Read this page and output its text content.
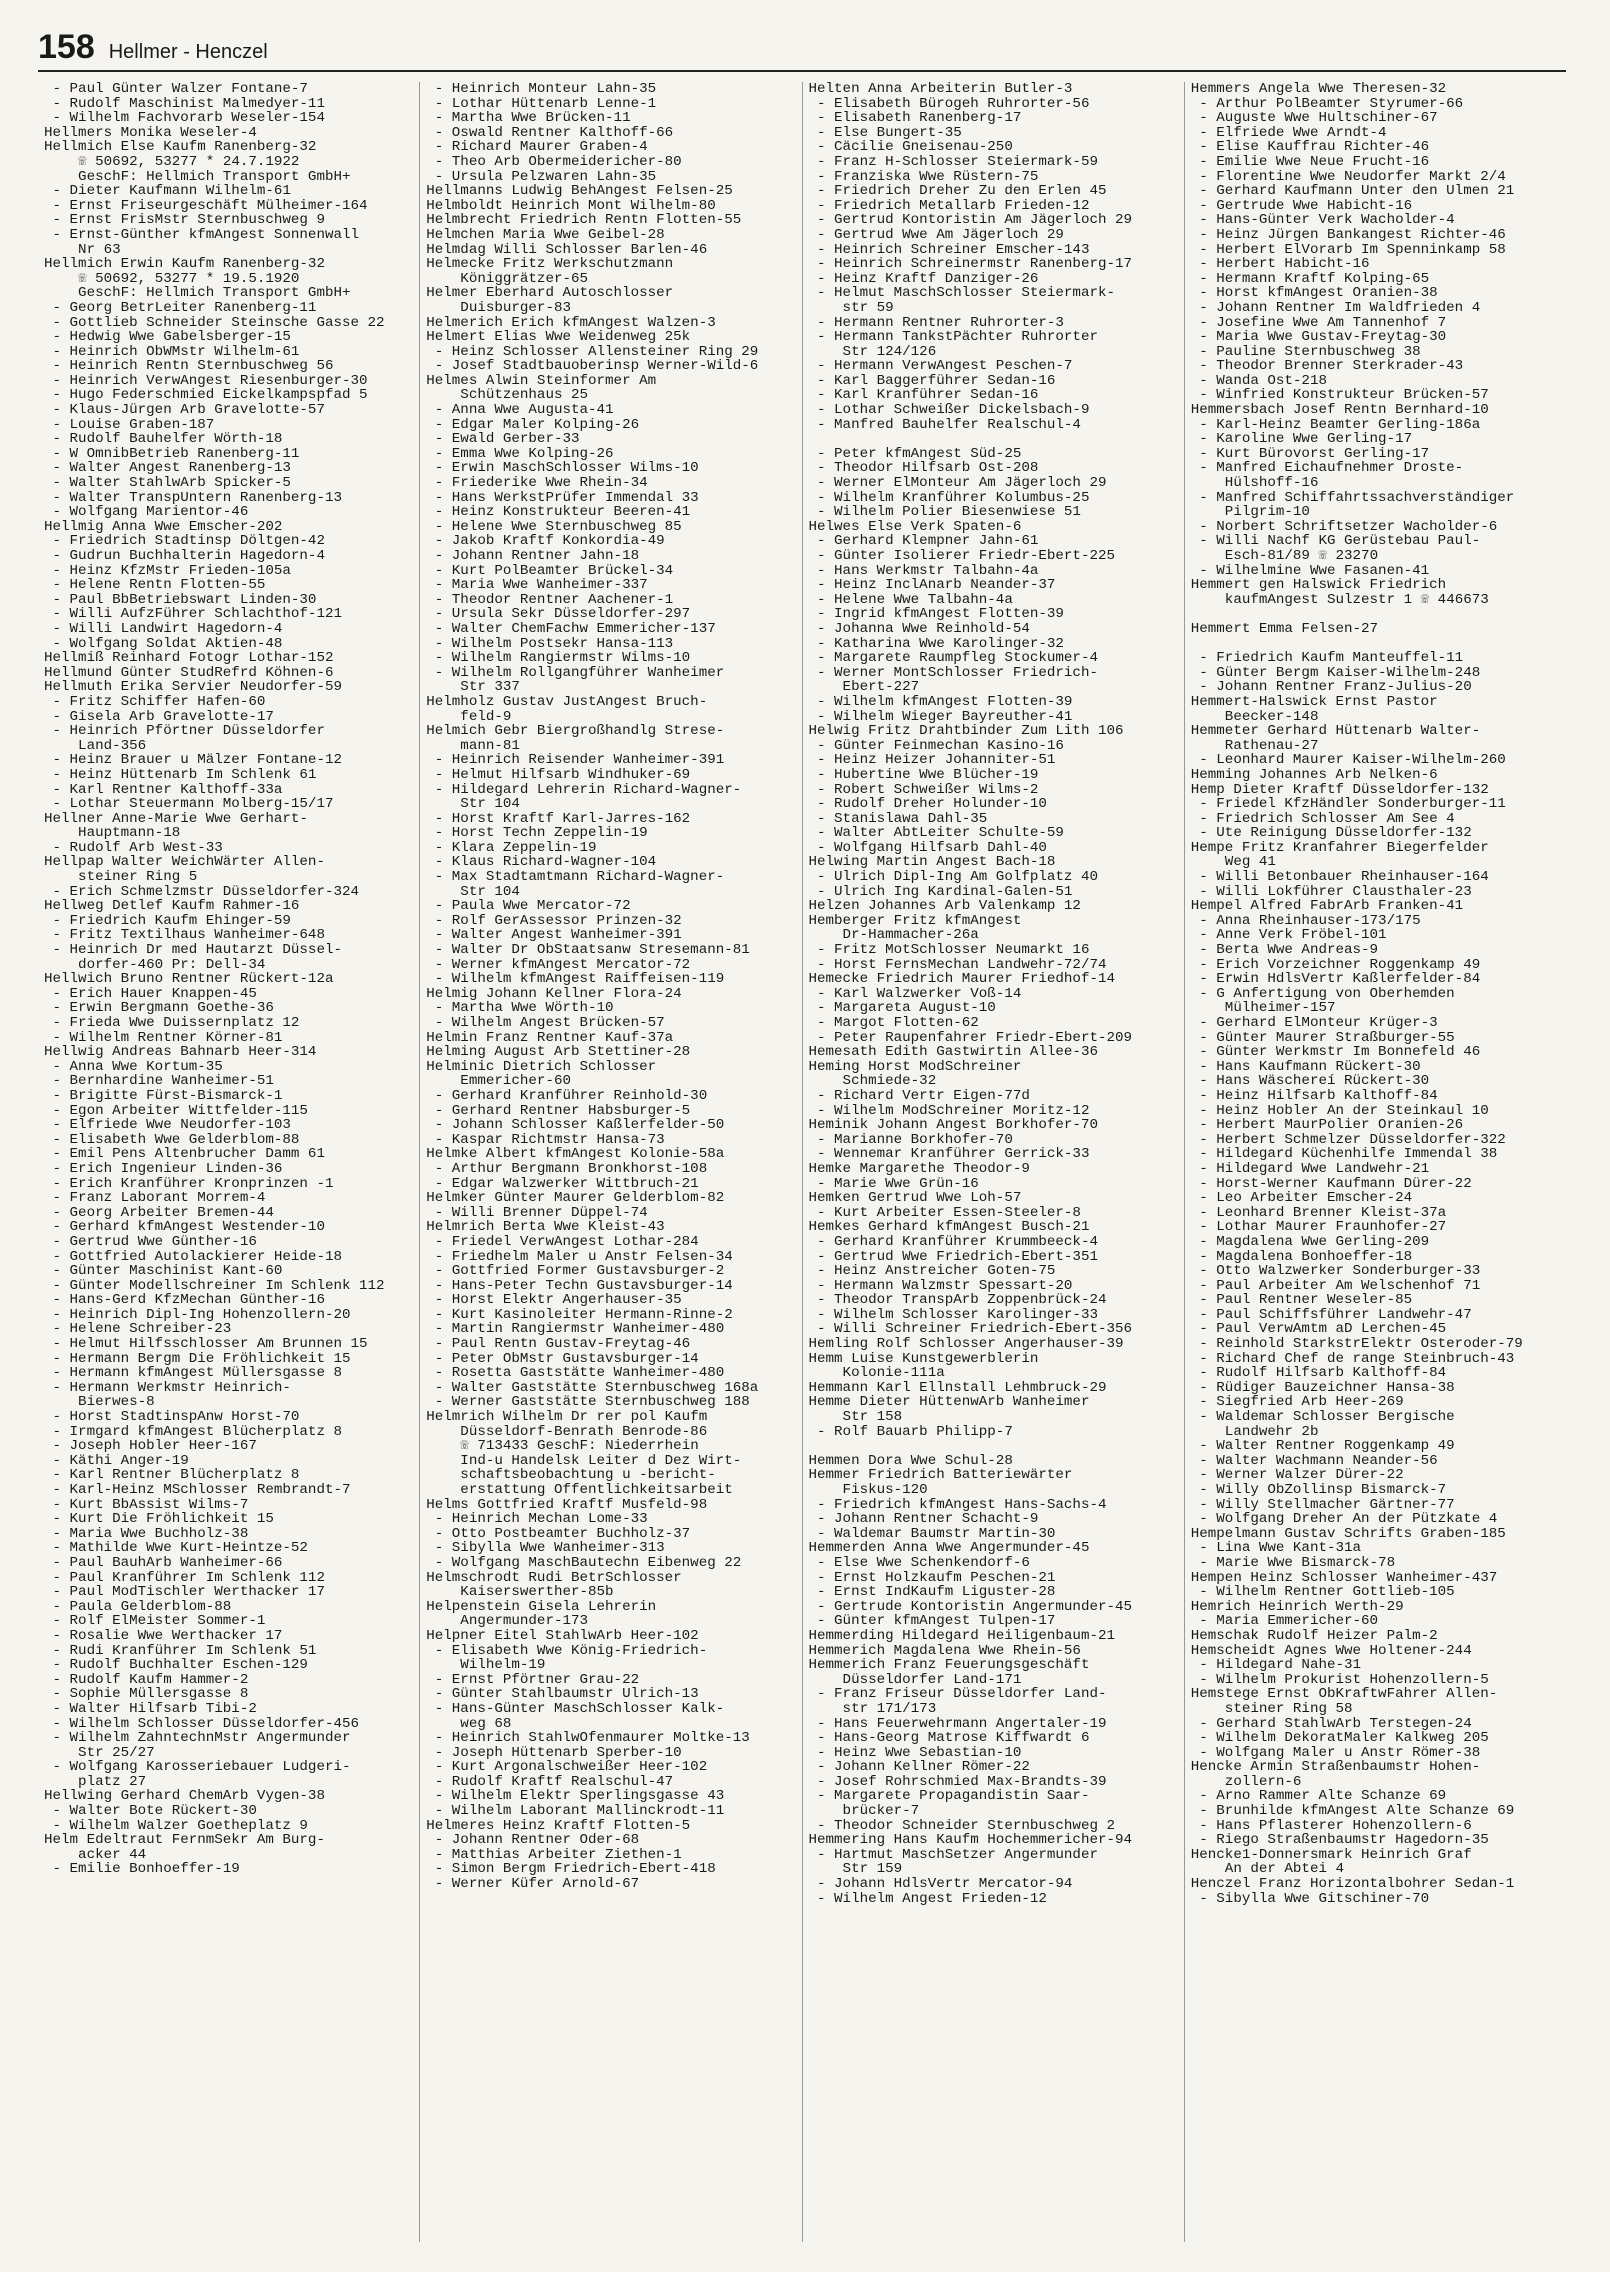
158 Hellmer - Henczel
- Paul Günter Walzer Fontane-7
- Rudolf Maschinist Malmedyer-11
- Wilhelm Fachvorarb Weseler-154
Hellmers Monika Weseler-4
Hellmich Else Kaufm Ranenberg-32
☏ 50692, 53277 * 24.7.1922
GeschF: Hellmich Transport GmbH+
- Dieter Kaufmann Wilhelm-61
- Ernst Friseurgeschäft Mülheimer-164
- Ernst FrisMstr Sternbuschweg 9
- Ernst-Günther kfmAngest Sonnenwall
Nr 63
Hellmich Erwin Kaufm Ranenberg-32
☏ 50692, 53277 * 19.5.1920
GeschF: Hellmich Transport GmbH+
- Georg BetrLeiter Ranenberg-11
- Gottlieb Schneider Steinsche Gasse 22
- Hedwig Wwe Gabelsberger-15
- Heinrich ObWMstr Wilhelm-61
- Heinrich Rentn Sternbuschweg 56
- Heinrich VerwAngest Riesenburger-30
- Hugo Federschmied Eickelkampspfad 5
- Klaus-Jürgen Arb Gravelotte-57
- Louise Graben-187
- Rudolf Bauhelfer Wörth-18
- W OmnibBetrieb Ranenberg-11
- Walter Angest Ranenberg-13
- Walter StahlwArb Spicker-5
- Walter TranspUntern Ranenberg-13
- Wolfgang Marientor-46
Hellmig Anna Wwe Emscher-202
- Friedrich Stadtinsp Döltgen-42
- Gudrun Buchhalterin Hagedorn-4
- Heinz KfzMstr Frieden-105a
- Helene Rentn Flotten-55
- Paul BbBetriebswart Linden-30
- Willi AufzFührer Schlachthof-121
- Willi Landwirt Hagedorn-4
- Wolfgang Soldat Aktien-48
Hellmiß Reinhard Fotogr Lothar-152
Hellmund Günter StudRefrd Köhnen-6
Hellmuth Erika Servier Neudorfer-59
- Fritz Schiffer Hafen-60
- Gisela Arb Gravelotte-17
- Heinrich Pförtner Düsseldorfer
Land-356
- Heinz Brauer u Mälzer Fontane-12
- Heinz Hüttenarb Im Schlenk 61
- Karl Rentner Kalthoff-33a
- Lothar Steuermann Molberg-15/17
Hellner Anne-Marie Wwe Gerhart-
Hauptmann-18
- Rudolf Arb West-33
Hellpap Walter WeichWärter Allen-
steiner Ring 5
- Erich Schmelzmstr Düsseldorfer-324
Hellweg Detlef Kaufm Rahmer-16
- Friedrich Kaufm Ehinger-59
- Fritz Textilhaus Wanheimer-648
- Heinrich Dr med Hautarzt Düssel-
dorfer-460 Pr: Dell-34
Hellwich Bruno Rentner Rückert-12a
- Erich Hauer Knappen-45
- Erwin Bergmann Goethe-36
- Frieda Wwe Duissernplatz 12
- Wilhelm Rentner Körner-81
Hellwig Andreas Bahnarb Heer-314
- Anna Wwe Kortum-35
- Bernhardine Wanheimer-51
- Brigitte Fürst-Bismarck-1
- Egon Arbeiter Wittfelder-115
- Elfriede Wwe Neudorfer-103
- Elisabeth Wwe Gelderblom-88
- Emil Pens Altenbrucher Damm 61
- Erich Ingenieur Linden-36
- Erich Kranführer Kronprinzen -1
- Franz Laborant Morrem-4
- Georg Arbeiter Bremen-44
- Gerhard kfmAngest Westender-10
- Gertrud Wwe Günther-16
- Gottfried Autolackierer Heide-18
- Günter Maschinist Kant-60
- Günter Modellschreiner Im Schlenk 112
- Hans-Gerd KfzMechan Günther-16
- Heinrich Dipl-Ing Hohenzollern-20
- Helene Schreiber-23
- Helmut Hilfsschlosser Am Brunnen 15
- Hermann Bergm Die Fröhlichkeit 15
- Hermann kfmAngest Müllersgasse 8
- Hermann Werkmstr Heinrich-
Bierwes-8
- Horst StadtinspAnw Horst-70
- Irmgard kfmAngest Blücherplatz 8
- Joseph Hobler Heer-167
- Käthi Anger-19
- Karl Rentner Blücherplatz 8
- Karl-Heinz MSchlosser Rembrandt-7
- Kurt BbAssist Wilms-7
- Kurt Die Fröhlichkeit 15
- Maria Wwe Buchholz-38
- Mathilde Wwe Kurt-Heintze-52
- Paul BauhArb Wanheimer-66
- Paul Kranführer Im Schlenk 112
- Paul ModTischler Werthacker 17
- Paula Gelderblom-88
- Rolf ElMeister Sommer-1
- Rosalie Wwe Werthacker 17
- Rudi Kranführer Im Schlenk 51
- Rudolf Buchhalter Eschen-129
- Rudolf Kaufm Hammer-2
- Sophie Müllersgasse 8
- Walter Hilfsarb Tibi-2
- Wilhelm Schlosser Düsseldorfer-456
- Wilhelm ZahntechnMstr Angermunder
Str 25/27
- Wolfgang Karosseriebauer Ludgeri-
platz 27
Hellwing Gerhard ChemArb Vygen-38
- Walter Bote Rückert-30
- Wilhelm Walzer Goetheplatz 9
Helm Edeltraut FernmSekr Am Burg-
acker 44
- Emilie Bonhoeffer-19
- Heinrich Monteur Lahn-35
- Lothar Hüttenarb Lenne-1
- Martha Wwe Brücken-11
- Oswald Rentner Kalthoff-66
- Richard Maurer Graben-4
- Theo Arb Obermeidericher-80
- Ursula Pelzwaren Lahn-35
Hellmanns Ludwig BehAngest Felsen-25
Helmboldt Heinrich Mont Wilhelm-80
Helmbrecht Friedrich Rentn Flotten-55
Helmchen Maria Wwe Geibel-28
Helmdag Willi Schlosser Barlen-46
Helmecke Fritz Werkschutzmann
Königgrätzer-65
Helmer Eberhard Autoschlosser
Duisburger-83
Helmerich Erich kfmAngest Walzen-3
Helmert Elias Wwe Weidenweg 25k
- Heinz Schlosser Allensteiner Ring 29
- Josef Stadtbauoberinsp Werner-Wild-6
Helmes Alwin Steinformer Am
Schützenhaus 25
- Anna Wwe Augusta-41
- Edgar Maler Kolping-26
- Ewald Gerber-33
- Emma Wwe Kolping-26
- Erwin MaschSchlosser Wilms-10
- Friederike Wwe Rhein-34
- Hans WerkstPrüfer Immendal 33
- Heinz Konstrukteur Beeren-41
- Helene Wwe Sternbuschweg 85
- Jakob Kraftf Konkordia-49
- Johann Rentner Jahn-18
- Kurt PolBeamter Brückel-34
- Maria Wwe Wanheimer-337
- Theodor Rentner Aachener-1
- Ursula Sekr Düsseldorfer-297
- Walter ChemFachw Emmericher-137
- Wilhelm Postsekr Hansa-113
- Wilhelm Rangiermstr Wilms-10
- Wilhelm Rollgangführer Wanheimer
Str 337
Helmholz Gustav JustAngest Bruch-
feld-9
Helmich Gebr Biergroßhandlg Strese-
mann-81
- Heinrich Reisender Wanheimer-391
- Helmut Hilfsarb Windhuker-69
- Hildegard Lehrerin Richard-Wagner-
Str 104
- Horst Kraftf Karl-Jarres-162
- Horst Techn Zeppelin-19
- Klara Zeppelin-19
- Klaus Richard-Wagner-104
- Max Stadtamtmann Richard-Wagner-
Str 104
- Paula Wwe Mercator-72
- Rolf GerAssessor Prinzen-32
- Walter Angest Wanheimer-391
- Walter Dr ObStaatsanw Stresemann-81
- Werner kfmAngest Mercator-72
- Wilhelm kfmAngest Raiffeisen-119
Helmig Johann Kellner Flora-24
- Martha Wwe Wörth-10
- Wilhelm Angest Brücken-57
Helmin Franz Rentner Kauf-37a
Helming August Arb Stettiner-28
Helminic Dietrich Schlosser
Emmericher-60
- Gerhard Kranführer Reinhold-30
- Gerhard Rentner Habsburger-5
- Johann Schlosser Kaßlerfelder-50
- Kaspar Richtmstr Hansa-73
Helmke Albert kfmAngest Kolonie-58a
- Arthur Bergmann Bronkhorst-108
- Edgar Walzwerker Wittbruch-21
Helmker Günter Maurer Gelderblom-82
- Willi Brenner Düppel-74
Helmrich Berta Wwe Kleist-43
- Friedel VerwAngest Lothar-284
- Friedhelm Maler u Anstr Felsen-34
- Gottfried Former Gustavsburger-2
- Hans-Peter Techn Gustavsburger-14
- Horst Elektr Angerhauser-35
- Kurt Kasinoleiter Hermann-Rinne-2
- Martin Rangiermstr Wanheimer-480
- Paul Rentn Gustav-Freytag-46
- Peter ObMstr Gustavsburger-14
- Rosetta Gaststätte Wanheimer-480
- Walter Gaststätte Sternbuschweg 168a
- Werner Gaststätte Sternbuschweg 188
Helmrich Wilhelm Dr rer pol Kaufm
Düsseldorf-Benrath Benrode-86
☏ 713433 GeschF: Niederrhein
Ind-u Handelsk Leiter d Dez Wirt-
schaftsbeobachtung u -bericht-
erstattung Öffentlichkeitsarbeit
Helms Gottfried Kraftf Musfeld-98
- Heinrich Mechan Lome-33
- Otto Postbeamter Buchholz-37
- Sibylla Wwe Wanheimer-313
- Wolfgang MaschBautechn Eibenweg 22
Helmschrodt Rudi BetrSchlosser
Kaiserswerther-85b
Helpenstein Gisela Lehrerin
Angermunder-173
Helpner Eitel StahlwArb Heer-102
- Elisabeth Wwe König-Friedrich-
Wilhelm-19
- Ernst Pförtner Grau-22
- Günter Stahlbaumstr Ulrich-13
- Hans-Günter MaschSchlosser Kalk-
weg 68
- Heinrich StahlwOfenmaurer Moltke-13
- Joseph Hüttenarb Sperber-10
- Kurt Argonalschweißer Heer-102
- Rudolf Kraftf Realschul-47
- Wilhelm Elektr Sperlingsgasse 43
- Wilhelm Laborant Mallinckrodt-11
Helmeres Heinz Kraftf Flotten-5
- Johann Rentner Oder-68
- Matthias Arbeiter Ziethen-1
- Simon Bergm Friedrich-Ebert-418
- Werner Küfer Arnold-67
Helten Anna Arbeiterin Butler-3
- Elisabeth Bürogeh Ruhrorter-56
- Elisabeth Ranenberg-17
- Else Bungert-35
- Cäcilie Gneisenau-250
- Franz H-Schlosser Steiermark-59
- Franziska Wwe Rüstern-75
- Friedrich Dreher Zu den Erlen 45
- Friedrich Metallarb Frieden-12
- Gertrud Kontoristin Am Jägerloch 29
- Gertrud Wwe Am Jägerloch 29
- Heinrich Schreiner Emscher-143
- Heinrich Schreinermstr Ranenberg-17
- Heinz Kraftf Danziger-26
- Helmut MaschSchlosser Steiermark-
str 59
- Hermann Rentner Ruhrorter-3
- Hermann TankstPächter Ruhrorter
Str 124/126
- Hermann VerwAngest Peschen-7
- Karl Baggerführer Sedan-16
- Karl Kranführer Sedan-16
- Lothar Schweißer Dickelsbach-9
- Manfred Bauhelfer Realschul-4
- Peter kfmAngest Süd-25
- Theodor Hilfsarb Ost-208
- Werner ElMonteur Am Jägerloch 29
- Wilhelm Kranführer Kolumbus-25
- Wilhelm Polier Biesenwiese 51
Helwes Else Verk Spaten-6
- Gerhard Klempner Jahn-61
- Günter Isolierer Friedr-Ebert-225
- Hans Werkmstr Talbahn-4a
- Heinz InclAnarb Neander-37
- Helene Wwe Talbahn-4a
- Ingrid kfmAngest Flotten-39
- Johanna Wwe Reinhold-54
- Katharina Wwe Karolinger-32
- Margarete Raumpfleg Stockumer-4
- Werner MontSchlosser Friedrich-
Ebert-227
- Wilhelm kfmAngest Flotten-39
- Wilhelm Wieger Bayreuther-41
Helwig Fritz Drahtbinder Zum Lith 106
- Günter Feinmechan Kasino-16
- Heinz Heizer Johanniter-51
- Hubertine Wwe Blücher-19
- Robert Schweißer Wilms-2
- Rudolf Dreher Holunder-10
- Stanislawa Dahl-35
- Walter AbtLeiter Schulte-59
- Wolfgang Hilfsarb Dahl-40
Helwing Martin Angest Bach-18
- Ulrich Dipl-Ing Am Golfplatz 40
- Ulrich Ing Kardinal-Galen-51
Helzen Johannes Arb Valenkamp 12
Hemberger Fritz kfmAngest
Dr-Hammacher-26a
- Fritz MotSchlosser Neumarkt 16
- Horst FernsMechan Landwehr-72/74
Hemecke Friedrich Maurer Friedhof-14
- Karl Walzwerker Voß-14
- Margareta August-10
- Margot Flotten-62
- Peter Raupenfahrer Friedr-Ebert-209
Hemesath Edith Gastwirtin Allee-36
Heming Horst ModSchreiner
Schmiede-32
- Richard Vertr Eigen-77d
- Wilhelm ModSchreiner Moritz-12
Heminik Johann Angest Borkhofer-70
- Marianne Borkhofer-70
- Wennemar Kranführer Gerrick-33
Hemke Margarethe Theodor-9
- Marie Wwe Grün-16
Hemken Gertrud Wwe Loh-57
- Kurt Arbeiter Essen-Steeler-8
Hemkes Gerhard kfmAngest Busch-21
- Gerhard Kranführer Krummbeeck-4
- Gertrud Wwe Friedrich-Ebert-351
- Heinz Anstreicher Goten-75
- Hermann Walzmstr Spessart-20
- Theodor TranspArb Zoppenbrück-24
- Wilhelm Schlosser Karolinger-33
- Willi Schreiner Friedrich-Ebert-356
Hemling Rolf Schlosser Angerhauser-39
Hemm Luise Kunstgewerblerin
Kolonie-111a
Hemmann Karl Ellnstall Lehmbruck-29
Hemme Dieter HüttenwArb Wanheimer
Str 158
- Rolf Bauarb Philipp-7
Hemmen Dora Wwe Schul-28
Hemmer Friedrich Batteriewärter
Fiskus-120
- Friedrich kfmAngest Hans-Sachs-4
- Johann Rentner Schacht-9
- Waldemar Baumstr Martin-30
Hemmerden Anna Wwe Angermunder-45
- Else Wwe Schenkendorf-6
- Ernst Holzkaufm Peschen-21
- Ernst IndKaufm Liguster-28
- Gertrude Kontoristin Angermunder-45
- Günter kfmAngest Tulpen-17
Hemmerding Hildegard Heiligenbaum-21
Hemmerich Magdalena Wwe Rhein-56
Hemmerich Franz Feuerungsgeschäft
Düsseldorfer Land-171
- Franz Friseur Düsseldorfer Land-
str 171/173
- Hans Feuerwehrmann Angertaler-19
- Hans-Georg Matrose Kiffwardt 6
- Heinz Wwe Sebastian-10
- Johann Kellner Römer-22
- Josef Rohrschmied Max-Brandts-39
- Margarete Propagandistin Saar-
brücker-7
- Theodor Schneider Sternbuschweg 2
Hemmering Hans Kaufm Hochemmericher-94
- Hartmut MaschSetzer Angermunder
Str 159
- Johann HdlsVertr Mercator-94
- Wilhelm Angest Frieden-12
Hemmers Angela Wwe Theresen-32
- Arthur PolBeamter Styrumer-66
- Auguste Wwe Hultschiner-67
- Elfriede Wwe Arndt-4
- Elise Kauffrau Richter-46
- Emilie Wwe Neue Frucht-16
- Florentine Wwe Neudorfer Markt 2/4
- Gerhard Kaufmann Unter den Ulmen 21
- Gertrude Wwe Habicht-16
- Hans-Günter Verk Wacholder-4
- Heinz Jürgen Bankangest Richter-46
- Herbert ElVorarb Im Spenninkamp 58
- Herbert Habicht-16
- Hermann Kraftf Kolping-65
- Horst kfmAngest Oranien-38
- Johann Rentner Im Waldfrieden 4
- Josefine Wwe Am Tannenhof 7
- Maria Wwe Gustav-Freytag-30
- Pauline Sternbuschweg 38
- Theodor Brenner Sterkrader-43
- Wanda Ost-218
- Winfried Konstrukteur Brücken-57
Hemmersbach Josef Rentn Bernhard-10
- Karl-Heinz Beamter Gerling-186a
- Karoline Wwe Gerling-17
- Kurt Bürovorst Gerling-17
- Manfred Eichaufnehmer Droste-
Hülshoff-16
- Manfred Schiffahrtssachverständiger
Pilgrim-10
- Norbert Schriftsetzer Wacholder-6
- Willi Nachf KG Gerüstebau Paul-
Esch-81/89 ☏ 23270
- Wilhelmine Wwe Fasanen-41
Hemmert gen Halswick Friedrich
kaufmAngest Sulzestr 1 ☏ 446673
Hemmert Emma Felsen-27
- Friedrich Kaufm Manteuffel-11
- Günter Bergm Kaiser-Wilhelm-248
- Johann Rentner Franz-Julius-20
Hemmert-Halswick Ernst Pastor
Beecker-148
Hemmeter Gerhard Hüttenarb Walter-
Rathenau-27
- Leonhard Maurer Kaiser-Wilhelm-260
Hemming Johannes Arb Nelken-6
Hemp Dieter Kraftf Düsseldorfer-132
- Friedel KfzHändler Sonderburger-11
- Friedrich Schlosser Am See 4
- Ute Reinigung Düsseldorfer-132
Hempe Fritz Kranfahrer Biegerfelder
Weg 41
- Willi Betonbauer Rheinhauser-164
- Willi Lokführer Clausthaler-23
Hempel Alfred FabrArb Franken-41
- Anna Rheinhauser-173/175
- Anne Verk Fröbel-101
- Berta Wwe Andreas-9
- Erich Vorzeichner Roggenkamp 49
- Erwin HdlsVertr Kaßlerfelder-84
- G Anfertigung von Oberhemden
Mülheimer-157
- Gerhard ElMonteur Krüger-3
- Günter Maurer Straßburger-55
- Günter Werkmstr Im Bonnefeld 46
- Hans Kaufmann Rückert-30
- Hans Wäschereí Rückert-30
- Heinz Hilfsarb Kalthoff-84
- Heinz Hobler An der Steinkaul 10
- Herbert MaurPolier Oranien-26
- Herbert Schmelzer Düsseldorfer-322
- Hildegard Küchenhilfe Immendal 38
- Hildegard Wwe Landwehr-21
- Horst-Werner Kaufmann Dürer-22
- Leo Arbeiter Emscher-24
- Leonhard Brenner Kleist-37a
- Lothar Maurer Fraunhofer-27
- Magdalena Wwe Gerling-209
- Magdalena Bonhoeffer-18
- Otto Walzwerker Sonderburger-33
- Paul Arbeiter Am Welschenhof 71
- Paul Rentner Weseler-85
- Paul Schiffsführer Landwehr-47
- Paul VerwAmtm aD Lerchen-45
- Reinhold StarkstrElektr Osteroder-79
- Richard Chef de range Steinbruch-43
- Rudolf Hilfsarb Kalthoff-84
- Rüdiger Bauzeichner Hansa-38
- Siegfried Arb Heer-269
- Waldemar Schlosser Bergische
Landwehr 2b
- Walter Rentner Roggenkamp 49
- Walter Wachmann Neander-56
- Werner Walzer Dürer-22
- Willy ObZollinsp Bismarck-7
- Willy Stellmacher Gärtner-77
- Wolfgang Dreher An der Pützkate 4
Hempelmann Gustav Schrifts Graben-185
- Lina Wwe Kant-31a
- Marie Wwe Bismarck-78
Hempen Heinz Schlosser Wanheimer-437
- Wilhelm Rentner Gottlieb-105
Hemrich Heinrich Werth-29
- Maria Emmericher-60
Hemschak Rudolf Heizer Palm-2
Hemscheidt Agnes Wwe Holtener-244
- Hildegard Nahe-31
- Wilhelm Prokurist Hohenzollern-5
Hemstege Ernst ObKraftwFahrer Allen-
steiner Ring 58
- Gerhard StahlwArb Terstegen-24
- Wilhelm DekoratMaler Kalkweg 205
- Wolfgang Maler u Anstr Römer-38
Hencke Armin Straßenbaumstr Hohen-
zollern-6
- Arno Rammer Alte Schanze 69
- Brunhilde kfmAngest Alte Schanze 69
- Hans Pflasterer Hohenzollern-6
- Riego Straßenbaumstr Hagedorn-35
Hencke1-Donnersmark Heinrich Graf
An der Abtei 4
Henczel Franz Horizontalbohrer Sedan-1
- Sibylla Wwe Gitschiner-70
